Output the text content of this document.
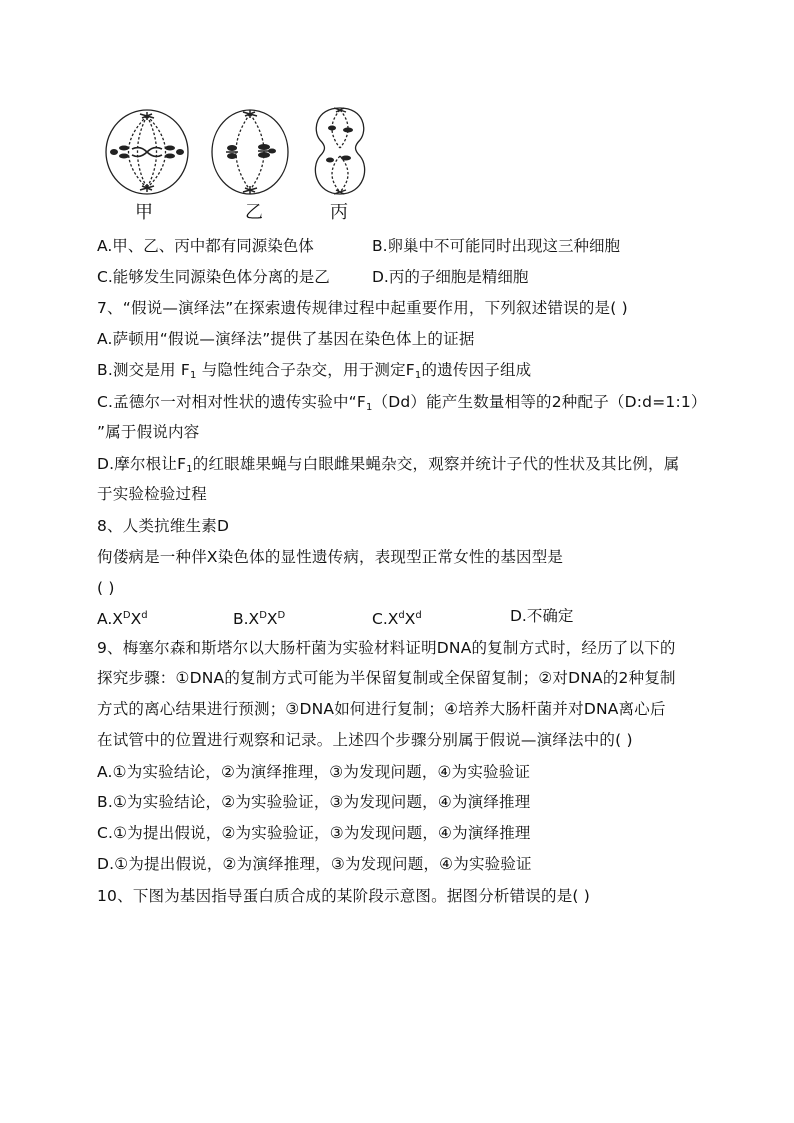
甲	乙	丙
A.甲、乙、丙中都有同源染色体	B.卵巢中不可能同时出现这三种细胞
C.能够发生同源染色体分离的是乙	D.丙的子细胞是精细胞
7、“假说—演绎法”在探索遗传规律过程中起重要作用，下列叙述错误的是( )
A.萨顿用“假说—演绎法”提供了基因在染色体上的证据
B.测交是用 $F_1$ 与隐性纯合子杂交，用于测定$F_1$的遗传因子组成
C.孟德尔一对相对性状的遗传实验中“$F_1(Dd)$能产生数量相等的2种配子（D:d=1:1）
”属于假说内容
D.摩尔根让$F_1$的红眼雄果蝇与白眼雌果蝇杂交，观察并统计子代的性状及其比例，属
于实验检验过程
8、人类抗维生素D
佝偻病是一种伴X染色体的显性遗传病，表现型正常女性的基因型是
( )
$A.X^DX^d$	$B.X^DX^D$	$C.X^dX^d$	D.不确定
9、梅塞尔森和斯塔尔以大肠杆菌为实验材料证明DNA的复制方式时，经历了以下的
探究步骤：①DNA的复制方式可能为半保留复制或全保留复制；②对DNA的2种复制
方式的离心结果进行预测；③DNA如何进行复制；④培养大肠杆菌并对DNA离心后
在试管中的位置进行观察和记录。上述四个步骤分别属于假说—演绎法中的( )
A.①为实验结论，②为演绎推理，③为发现问题，④为实验验证
B.①为实验结论，②为实验验证，③为发现问题，④为演绎推理
C.①为提出假说，②为实验验证，③为发现问题，④为演绎推理
D.①为提出假说，②为演绎推理，③为发现问题，④为实验验证
10、下图为基因指导蛋白质合成的某阶段示意图。据图分析错误的是( )
